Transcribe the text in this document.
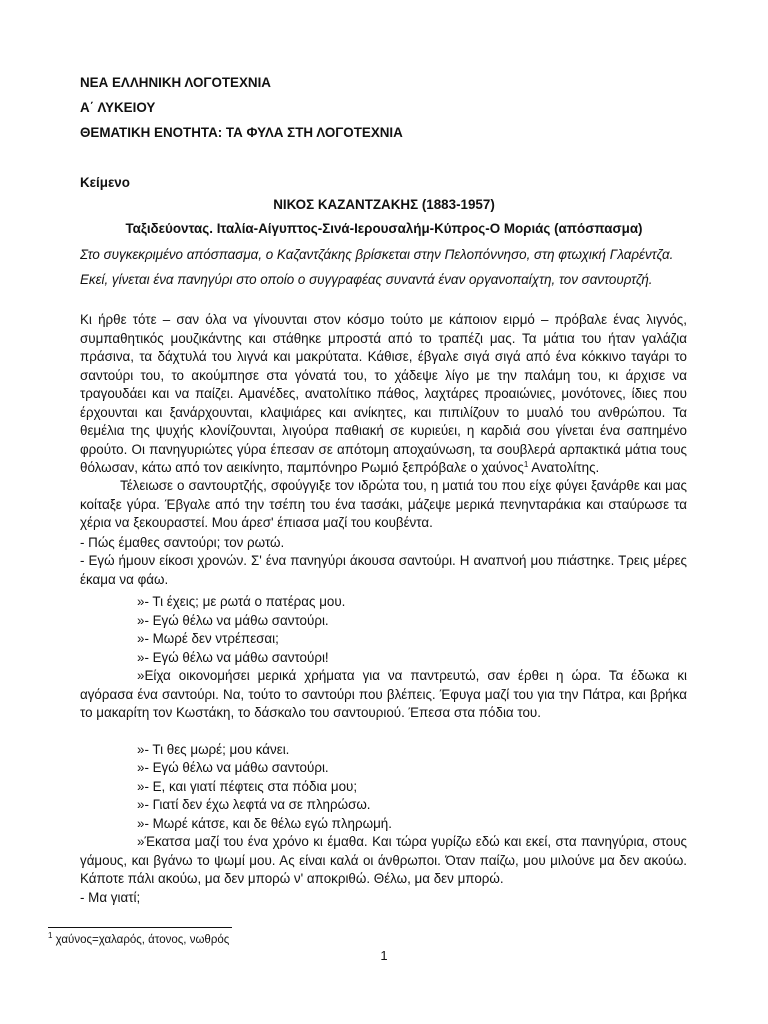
ΝΕΑ ΕΛΛΗΝΙΚΗ ΛΟΓΟΤΕΧΝΙΑ
Α΄ ΛΥΚΕΙΟΥ
ΘΕΜΑΤΙΚΗ ΕΝΟΤΗΤΑ: ΤΑ ΦΥΛΑ ΣΤΗ ΛΟΓΟΤΕΧΝΙΑ
Κείμενο
ΝΙΚΟΣ ΚΑΖΑΝΤΖΑΚΗΣ (1883-1957)
Ταξιδεύοντας. Ιταλία-Αίγυπτος-Σινά-Ιερουσαλήμ-Κύπρος-Ο Μοριάς (απόσπασμα)
Στο συγκεκριμένο απόσπασμα, ο Καζαντζάκης βρίσκεται στην Πελοπόννησο, στη φτωχική Γλαρέντζα.
Εκεί, γίνεται ένα πανηγύρι στο οποίο ο συγγραφέας συναντά έναν οργανοπαίχτη, τον σαντουρτζή.

Κι ήρθε τότε – σαν όλα να γίνουνται στον κόσμο τούτο με κάποιον ειρμό – πρόβαλε ένας λιγνός, συμπαθητικός μουζικάντης και στάθηκε μπροστά από το τραπέζι μας. Τα μάτια του ήταν γαλάζια πράσινα, τα δάχτυλά του λιγνά και μακρύτατα. Κάθισε, έβγαλε σιγά σιγά από ένα κόκκινο ταγάρι το σαντούρι του, το ακούμπησε στα γόνατά του, το χάδεψε λίγο με την παλάμη του, κι άρχισε να τραγουδάει και να παίζει. Αμανέδες, ανατολίτικο πάθος, λαχτάρες προαιώνιες, μονότονες, ίδιες που έρχουνται και ξανάρχουνται, κλαψιάρες και ανίκητες, και πιπιλίζουν το μυαλό του ανθρώπου. Τα θεμέλια της ψυχής κλονίζουνται, λιγούρα παθιακή σε κυριεύει, η καρδιά σου γίνεται ένα σαπημένο φρούτο. Οι πανηγυριώτες γύρα έπεσαν σε απότομη αποχαύνωση, τα σουβλερά αρπακτικά μάτια τους θόλωσαν, κάτω από τον αεικίνητο, παμπόνηρο Ρωμιό ξεπρόβαλε ο χαύνος$^1$ Ανατολίτης.

Τέλειωσε ο σαντουρτζής, σφούγγιξε τον ιδρώτα του, η ματιά του που είχε φύγει ξανάρθε και μας κοίταξε γύρα. Έβγαλε από την τσέπη του ένα τασάκι, μάζεψε μερικά πενηνταράκια και σταύρωσε τα χέρια να ξεκουραστεί. Μου άρεσ' έπιασα μαζί του κουβέντα.

- Πώς έμαθες σαντούρι; τον ρωτώ.

- Εγώ ήμουν είκοσι χρονών. Σ' ένα πανηγύρι άκουσα σαντούρι. Η αναπνοή μου πιάστηκε. Τρεις μέρες έκαμα να φάω.

»- Τι έχεις; με ρωτά ο πατέρας μου.
»- Εγώ θέλω να μάθω σαντούρι.
»- Μωρέ δεν ντρέπεσαι;
»- Εγώ θέλω να μάθω σαντούρι!

»Είχα οικονομήσει μερικά χρήματα για να παντρευτώ, σαν έρθει η ώρα. Τα έδωκα κι αγόρασα ένα σαντούρι. Να, τούτο το σαντούρι που βλέπεις. Έφυγα μαζί του για την Πάτρα, και βρήκα το μακαρίτη τον Κωστάκη, το δάσκαλο του σαντουριού. Έπεσα στα πόδια του.

»- Τι θες μωρέ; μου κάνει.
»- Εγώ θέλω να μάθω σαντούρι.
»- Ε, και γιατί πέφτεις στα πόδια μου;
»- Γιατί δεν έχω λεφτά να σε πληρώσω.
»- Μωρέ κάτσε, και δε θέλω εγώ πληρωμή.

»Έκατσα μαζί του ένα χρόνο κι έμαθα. Και τώρα γυρίζω εδώ και εκεί, στα πανηγύρια, στους γάμους, και βγάνω το ψωμί μου. Ας είναι καλά οι άνθρωποι. Όταν παίζω, μου μιλούνε μα δεν ακούω. Κάποτε πάλι ακούω, μα δεν μπορώ ν' αποκριθώ. Θέλω, μα δεν μπορώ.

- Μα γιατί;
$^1$ χαύνος=χαλαρός, άτονος, νωθρός
1
